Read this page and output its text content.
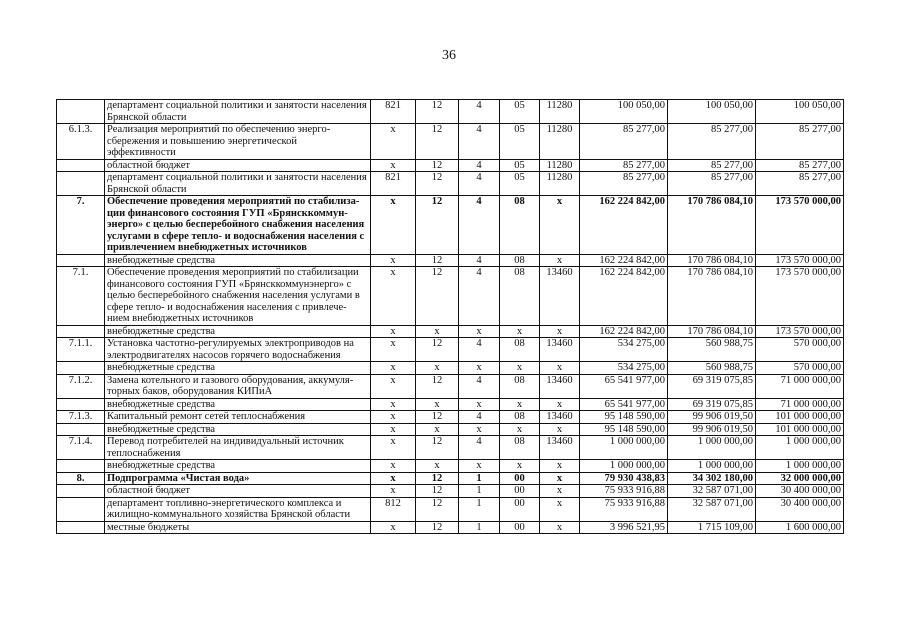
36
	департамент социальной политики и занятости населения Брянской области	821	12	4	05	11280	100 050,00	100 050,00	100 050,00
6.1.3.	Реализация мероприятий по обеспечению энерго-сбережения и повышению энергетической эффективности	х	12	4	05	11280	85 277,00	85 277,00	85 277,00
	областной бюджет	х	12	4	05	11280	85 277,00	85 277,00	85 277,00
	департамент социальной политики и занятости населения Брянской области	821	12	4	05	11280	85 277,00	85 277,00	85 277,00
7.	Обеспечение проведения мероприятий по стабилиза-ции финансового состояния ГУП «Брянсккоммун-энерго» с целью бесперебойного снабжения населения услугами в сфере тепло- и водоснабжения населения с привлечением внебюджетных источников	х	12	4	08	х	162 224 842,00	170 786 084,10	173 570 000,00
	внебюджетные средства	х	12	4	08	х	162 224 842,00	170 786 084,10	173 570 000,00
7.1.	Обеспечение проведения мероприятий по стабилизации финансового состояния ГУП «Брянсккоммунэнерго» с целью бесперебойного снабжения населения услугами в сфере тепло- и водоснабжения населения с привлече-нием внебюджетных источников	х	12	4	08	13460	162 224 842,00	170 786 084,10	173 570 000,00
	внебюджетные средства	х	х	х	х	х	162 224 842,00	170 786 084,10	173 570 000,00
7.1.1.	Установка частотно-регулируемых электроприводов на электродвигателях насосов горячего водоснабжения	х	12	4	08	13460	534 275,00	560 988,75	570 000,00
	внебюджетные средства	х	х	х	х	х	534 275,00	560 988,75	570 000,00
7.1.2.	Замена котельного и газового оборудования, аккумуля-торных баков, оборудования КИПиА	х	12	4	08	13460	65 541 977,00	69 319 075,85	71 000 000,00
	внебюджетные средства	х	х	х	х	х	65 541 977,00	69 319 075,85	71 000 000,00
7.1.3.	Капитальный ремонт сетей теплоснабжения	х	12	4	08	13460	95 148 590,00	99 906 019,50	101 000 000,00
	внебюджетные средства	х	х	х	х	х	95 148 590,00	99 906 019,50	101 000 000,00
7.1.4.	Перевод потребителей на индивидуальный источник теплоснабжения	х	12	4	08	13460	1 000 000,00	1 000 000,00	1 000 000,00
	внебюджетные средства	х	х	х	х	х	1 000 000,00	1 000 000,00	1 000 000,00
8.	Подпрограмма «Чистая вода»	х	12	1	00	х	79 930 438,83	34 302 180,00	32 000 000,00
	областной бюджет	х	12	1	00	х	75 933 916,88	32 587 071,00	30 400 000,00
	департамент топливно-энергетического комплекса и жилищно-коммунального хозяйства Брянской области	812	12	1	00	х	75 933 916,88	32 587 071,00	30 400 000,00
	местные бюджеты	х	12	1	00	х	3 996 521,95	1 715 109,00	1 600 000,00
